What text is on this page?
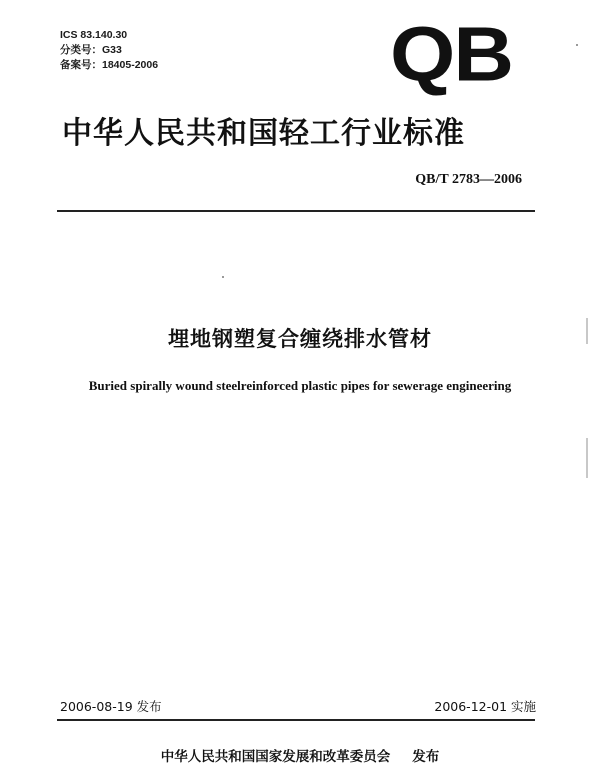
ICS 83.140.30
分类号：G33
备案号：18405-2006	QB
中华人民共和国轻工行业标准
QB/T 2783—2006
埋地钢塑复合缠绕排水管材
Buried spirally wound steelreinforced plastic pipes for sewerage engineering
2006-08-19 发布	2006-12-01 实施
中华人民共和国国家发展和改革委员会 发布
